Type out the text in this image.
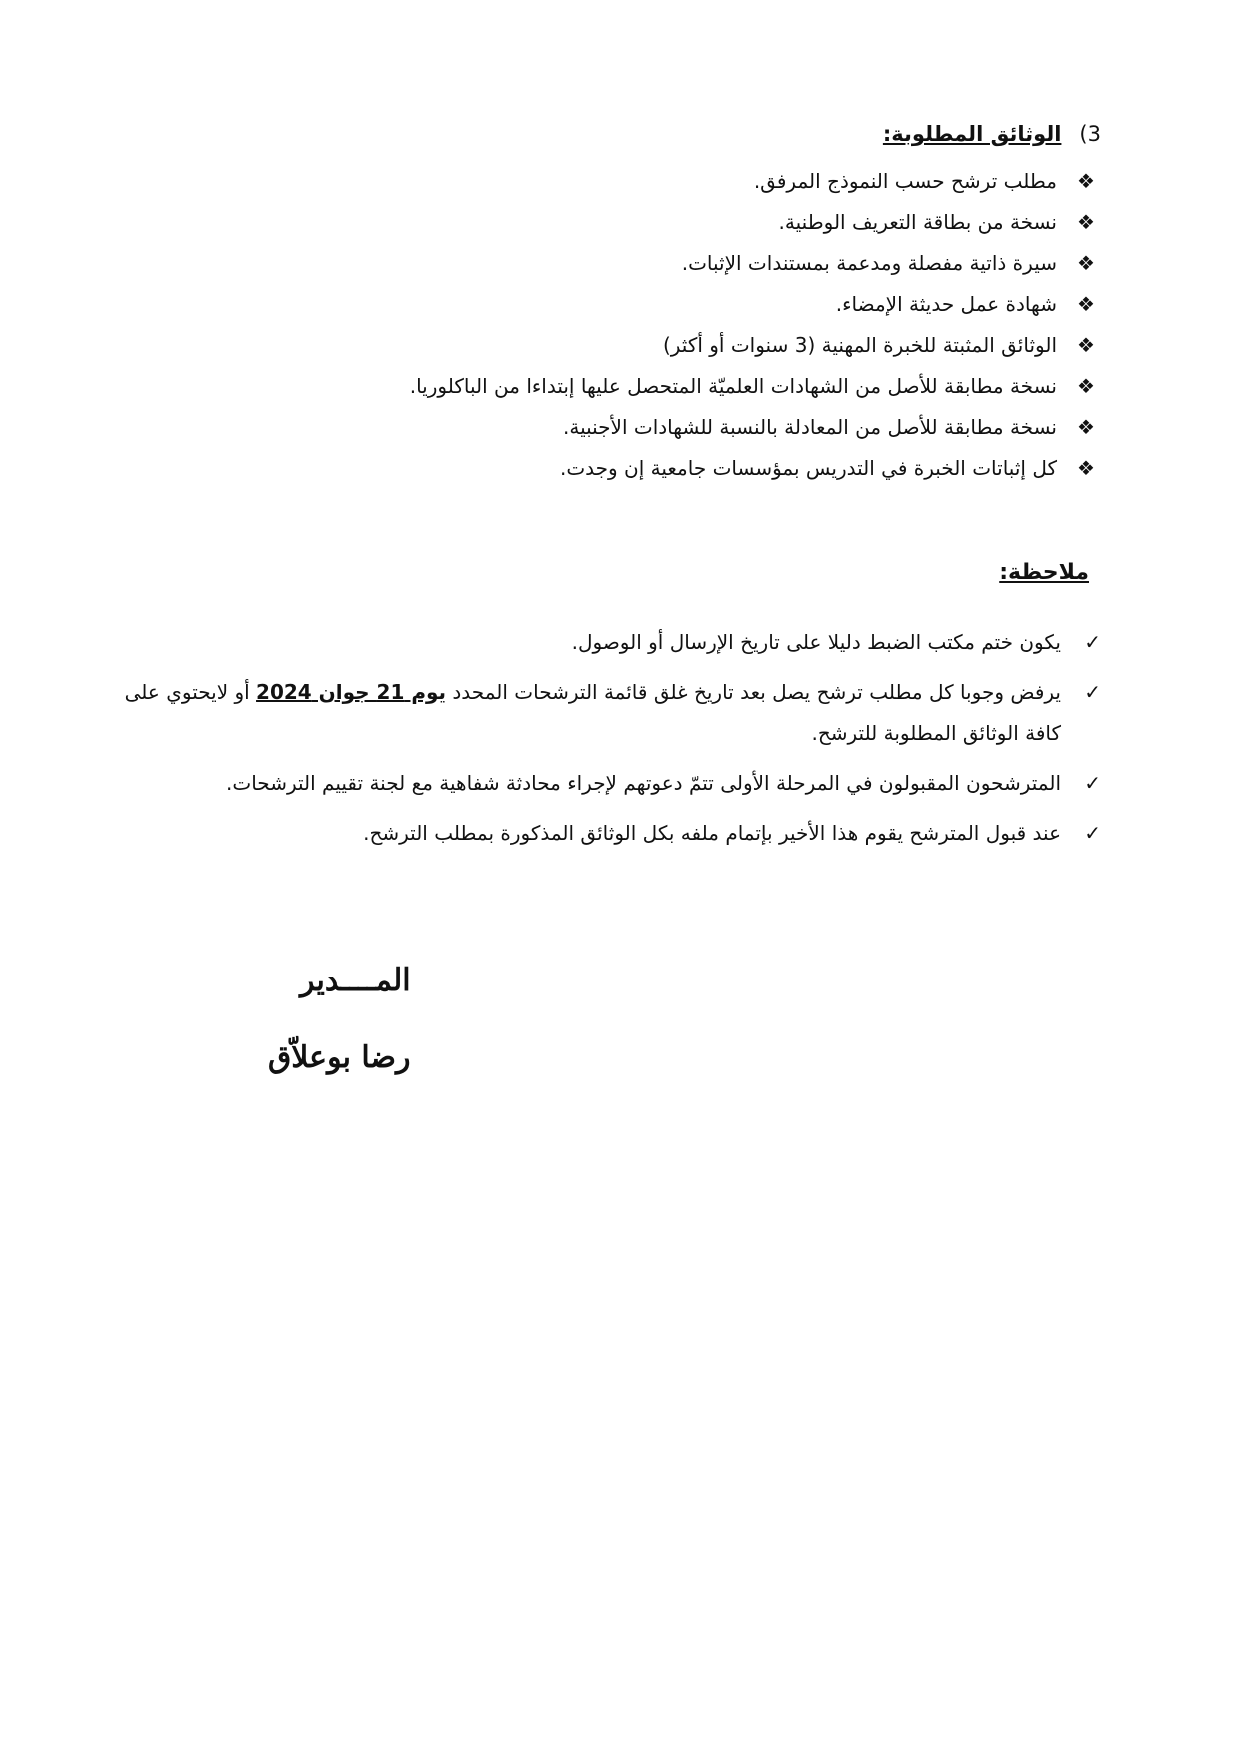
3)
الوثائق المطلوبة:
❖
مطلب ترشح حسب النموذج المرفق.
❖
نسخة من بطاقة التعريف الوطنية.
❖
سيرة ذاتية مفصلة ومدعمة بمستندات الإثبات.
❖
شهادة عمل حديثة الإمضاء.
❖
الوثائق المثبتة للخبرة المهنية (3 سنوات أو أكثر)
❖
نسخة مطابقة للأصل من الشهادات العلميّة المتحصل عليها إبتداءا من الباكلوريا.
❖
نسخة مطابقة للأصل من المعادلة بالنسبة للشهادات الأجنبية.
❖
كل إثباتات الخبرة في التدريس بمؤسسات جامعية إن وجدت.
ملاحظة:
✓
يكون ختم مكتب الضبط دليلا على تاريخ الإرسال أو الوصول.
✓
يرفض وجوبا كل مطلب ترشح يصل بعد تاريخ غلق قائمة الترشحات المحدد يوم 21 جوان 2024 أو لايحتوي على كافة الوثائق المطلوبة للترشح.
✓
المترشحون المقبولون في المرحلة الأولى تتمّ دعوتهم لإجراء محادثة شفاهية مع لجنة تقييم الترشحات.
✓
عند قبول المترشح يقوم هذا الأخير بإتمام ملفه بكل الوثائق المذكورة بمطلب الترشح.
المــــدير
رضا بوعلاّق
